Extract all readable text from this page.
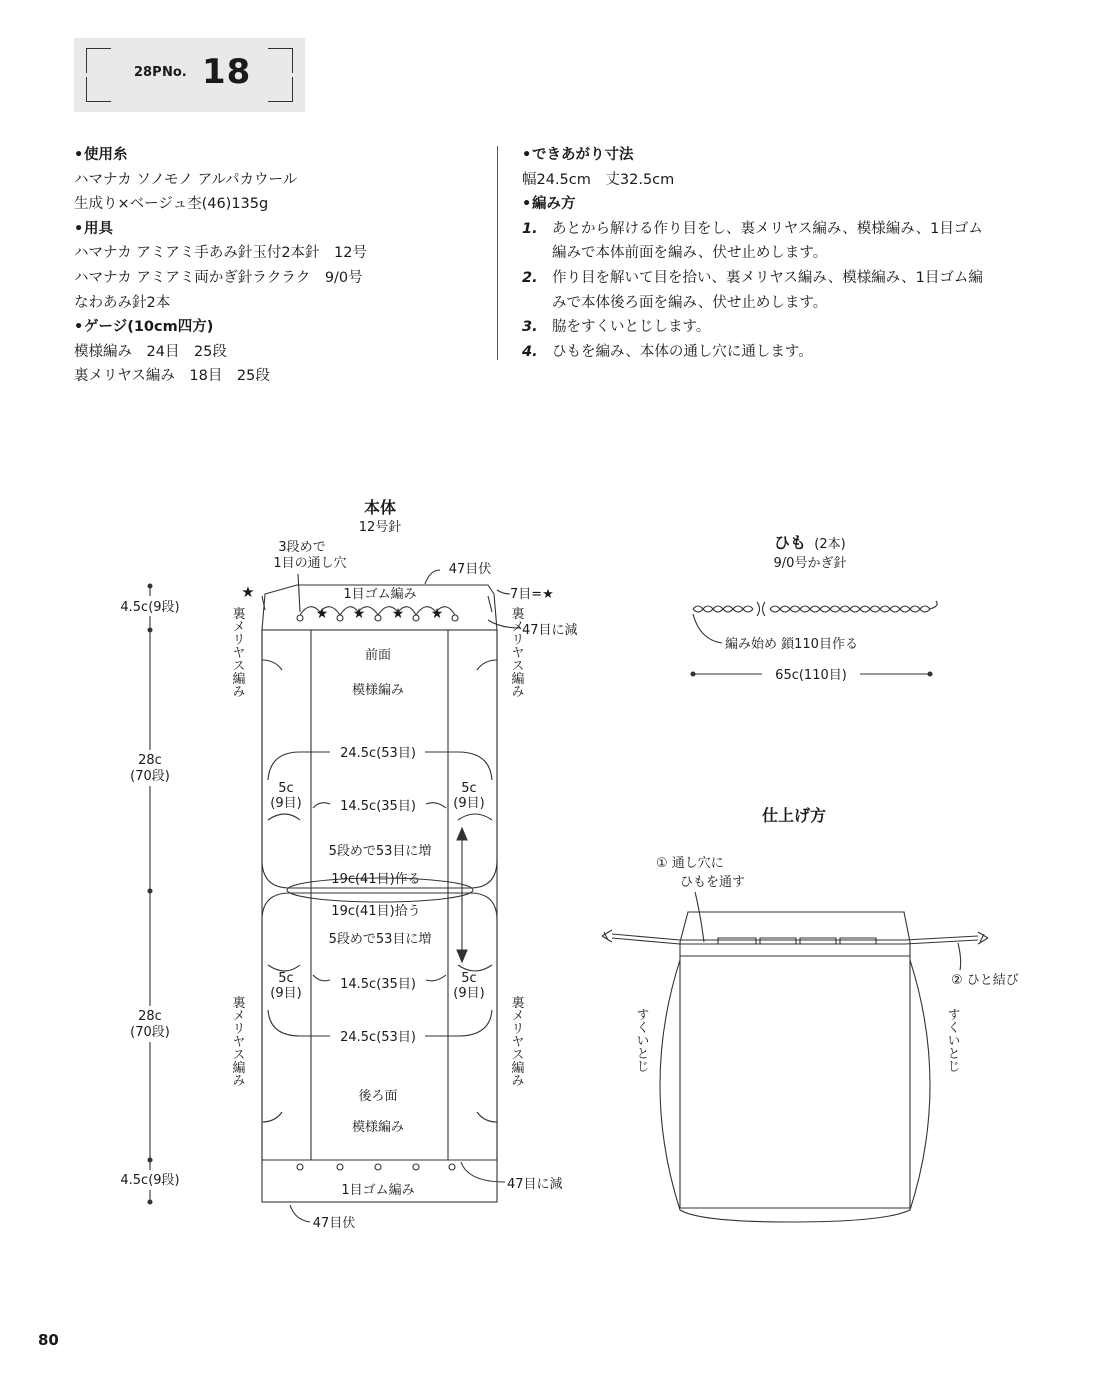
28P No. 18
•使用糸
ハマナカ ソノモノ アルパカウール
生成り×ベージュ杢(46)135g
•用具
ハマナカ アミアミ手あみ針玉付2本針　12号
ハマナカ アミアミ両かぎ針ラクラク　9/0号
なわあみ針2本
•ゲージ(10cm四方)
模様編み　24目　25段
裏メリヤス編み　18目　25段
•できあがり寸法
幅24.5cm　丈32.5cm
•編み方
1. あとから解ける作り目をし、裏メリヤス編み、模様編み、1目ゴム
編みで本体前面を編み、伏せ止めします。
2. 作り目を解いて目を拾い、裏メリヤス編み、模様編み、1目ゴム編
みで本体後ろ面を編み、伏せ止めします。
3. 脇をすくいとじします。
4. ひもを編み、本体の通し穴に通します。
本体
12号針
★
★ ★ ★ ★
3段めで
1目の通し穴	47目伏
1目ゴム編み	7目=★
47目に減
前面
模様編み
24.5c(53目)
5c
(9目)
5c
(9目)
14.5c(35目)
5段めで53目に増
19c(41目)作る
19c(41目)拾う
5段めで53目に増
5c
(9目)
5c
(9目)
14.5c(35目)
24.5c(53目)
後ろ面
模様編み
1目ゴム編み	47目に減
47目伏
裏メリヤス編み	裏メリヤス編み
裏メリヤス編み	裏メリヤス編み
4.5c(9段)
28c
(70段)
28c
(70段)
4.5c(9段)
ひも (2本)
9/0号かぎ針
編み始め 鎖110目作る
65c(110目)
仕上げ方
① 通し穴に
ひもを通す
② ひと結び
すくいとじ	すくいとじ
80
